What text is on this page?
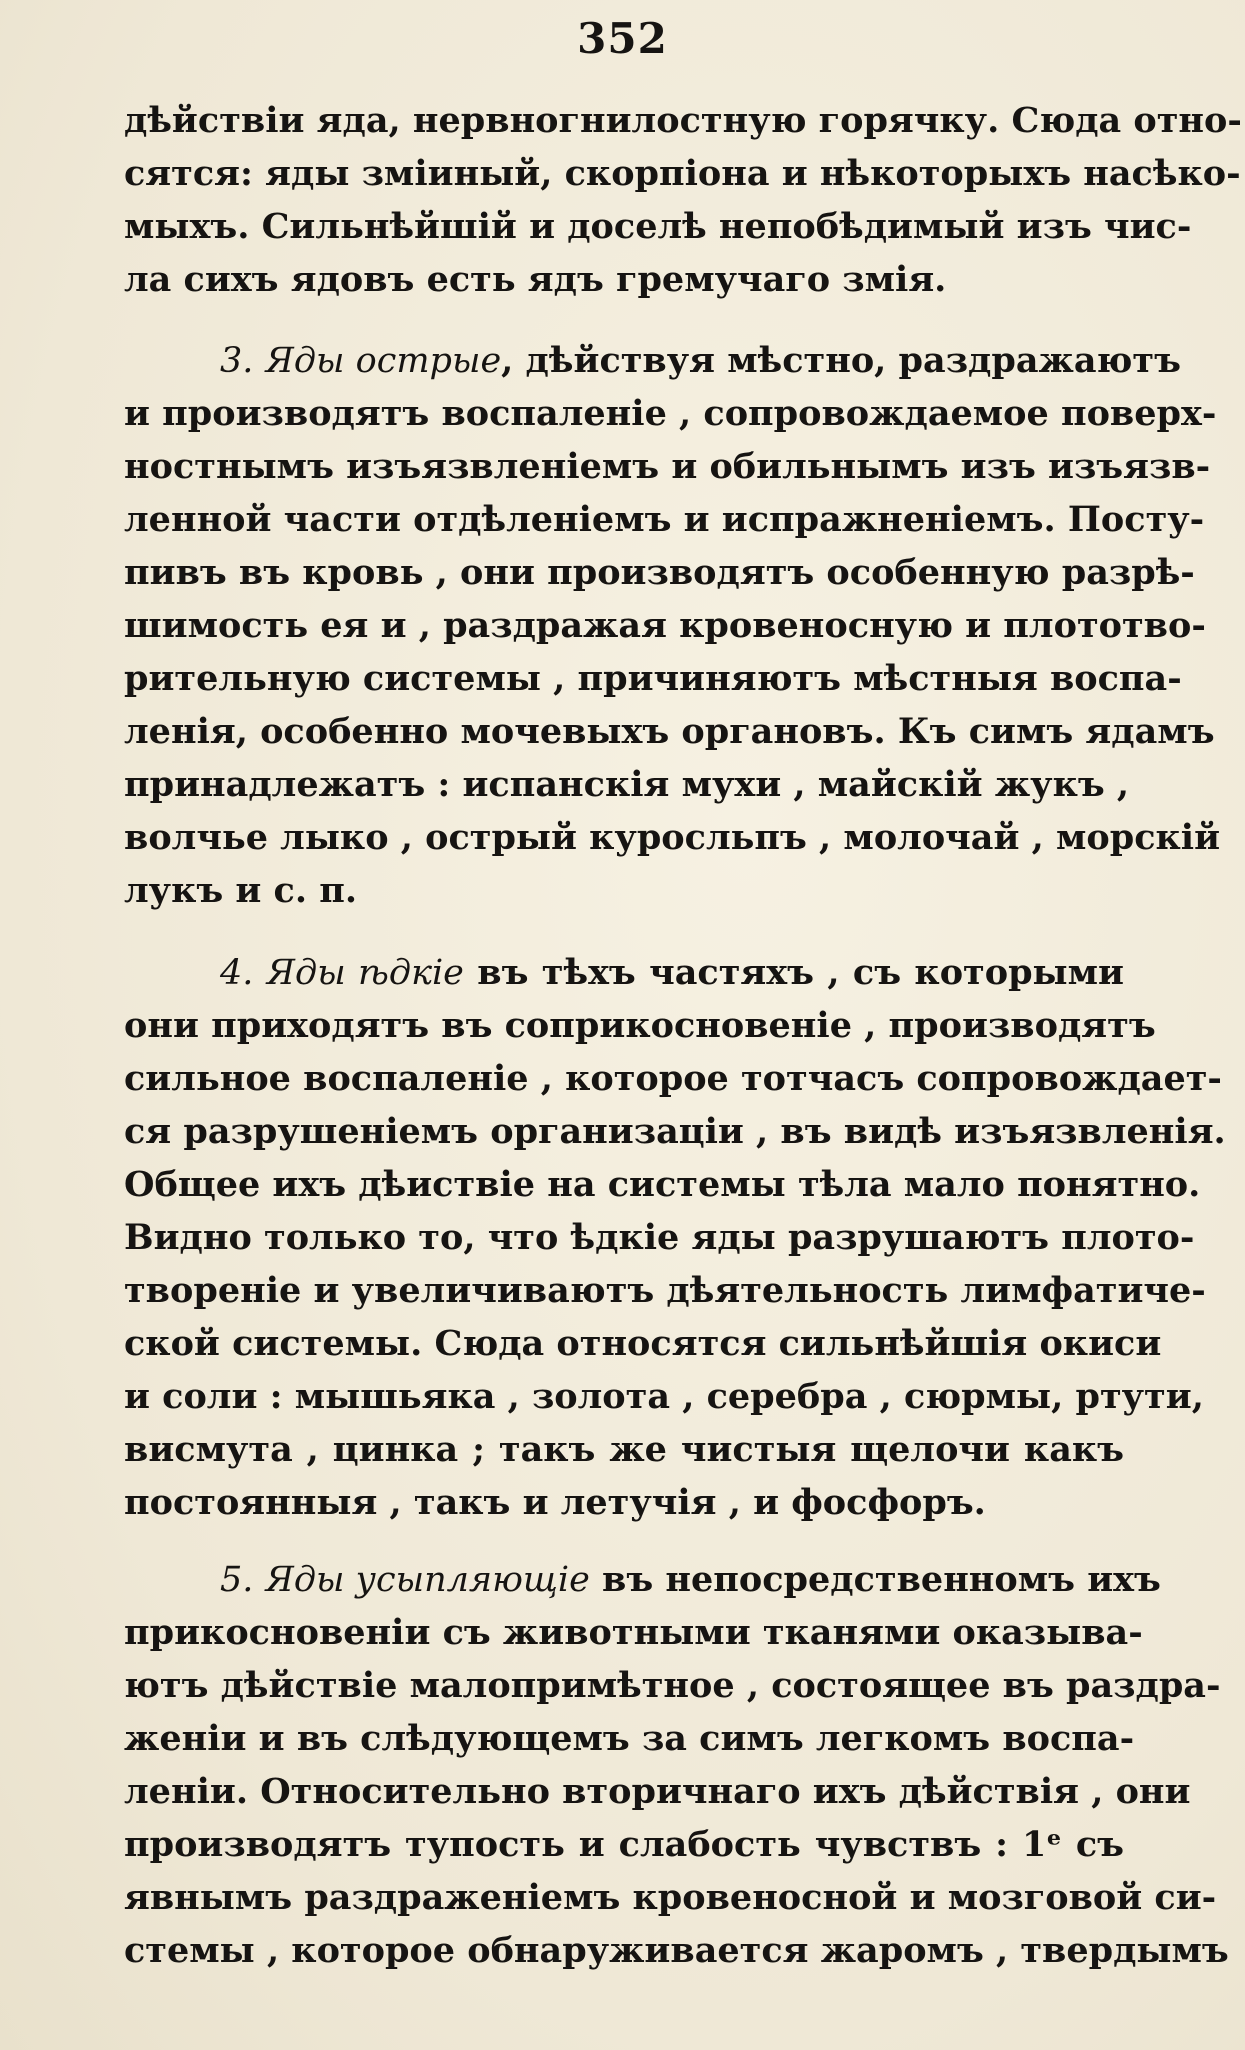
352
дѣйствіи яда, нервногнилостную горячку. Сюда отно-
сятся: яды зміиный, скорпіона и нѣкоторыхъ насѣко-
мыхъ. Сильнѣйшій и доселѣ непобѣдимый изъ чис-
ла сихъ ядовъ есть ядъ гремучаго змія.
3. Яды острые, дѣйствуя мѣстно, раздражаютъ
и производятъ воспаленіе , сопровождаемое поверх-
ностнымъ изъязвленіемъ и обильнымъ изъ изъязв-
ленной части отдѣленіемъ и испражненіемъ. Посту-
пивъ въ кровь , они производятъ особенную разрѣ-
шимость ея и , раздражая кровеносную и плототво-
рительную системы , причиняютъ мѣстныя воспа-
ленія, особенно мочевыхъ органовъ. Къ симъ ядамъ
принадлежатъ : испанскія мухи , майскій жукъ ,
волчье лыко , острый куросльпъ , молочай , морскій
лукъ и с. п.
4. Яды ѣдкіе въ тѣхъ частяхъ , съ которыми
они приходятъ въ соприкосновеніе , производятъ
сильное воспаленіе , которое тотчасъ сопровождает-
ся разрушеніемъ организаціи , въ видѣ изъязвленія.
Общее ихъ дѣиствіе на системы тѣла мало понятно.
Видно только то, что ѣдкіе яды разрушаютъ плото-
твореніе и увеличиваютъ дѣятельность лимфатиче-
ской системы. Сюда относятся сильнѣйшія окиси
и соли : мышьяка , золота , серебра , сюрмы, ртути,
висмута , цинка ; такъ же чистыя щелочи какъ
постоянныя , такъ и летучія , и фосфоръ.
5. Яды усыпляющіе въ непосредственномъ ихъ
прикосновеніи съ животными тканями оказыва-
ютъ дѣйствіе малопримѣтное , состоящее въ раздра-
женіи и въ слѣдующемъ за симъ легкомъ воспа-
леніи. Относительно вторичнаго ихъ дѣйствія , они
производятъ тупость и слабость чувствъ : 1ᵉ съ
явнымъ раздраженіемъ кровеносной и мозговой си-
стемы , которое обнаруживается жаромъ , твердымъ
